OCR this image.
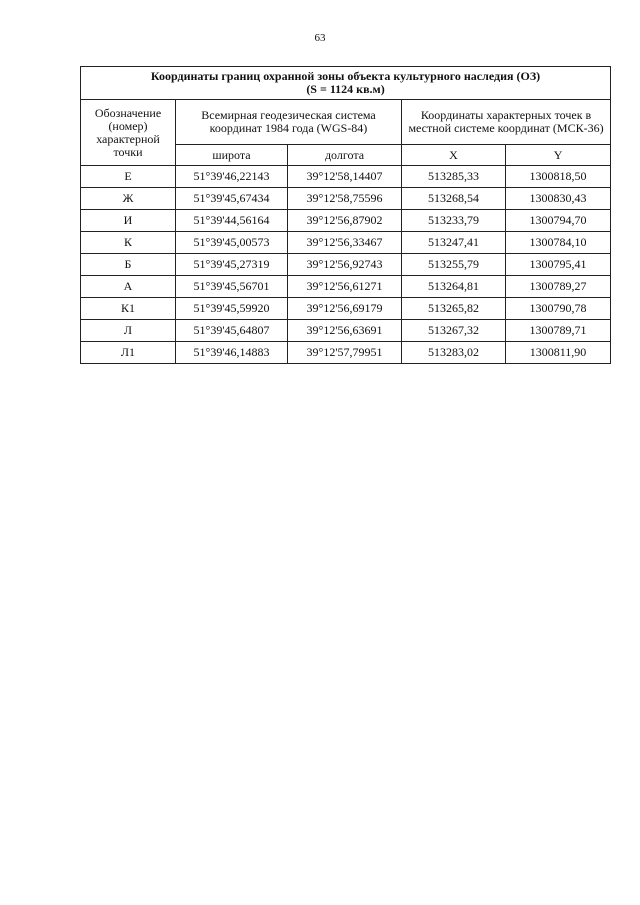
63
Координаты границ охранной зоны объекта культурного наследия (ОЗ)
(S = 1124 кв.м)				

Обозначение (номер) характерной точки	Всемирная геодезическая система координат 1984 года (WGS-84)		Координаты характерных точек в местной системе координат (МСК-36)	
	широта	долгота	X	Y
Е	51°39'46,22143	39°12'58,14407	513285,33	1300818,50
Ж	51°39'45,67434	39°12'58,75596	513268,54	1300830,43
И	51°39'44,56164	39°12'56,87902	513233,79	1300794,70
К	51°39'45,00573	39°12'56,33467	513247,41	1300784,10
Б	51°39'45,27319	39°12'56,92743	513255,79	1300795,41
А	51°39'45,56701	39°12'56,61271	513264,81	1300789,27
К1	51°39'45,59920	39°12'56,69179	513265,82	1300790,78
Л	51°39'45,64807	39°12'56,63691	513267,32	1300789,71
Л1	51°39'46,14883	39°12'57,79951	513283,02	1300811,90
